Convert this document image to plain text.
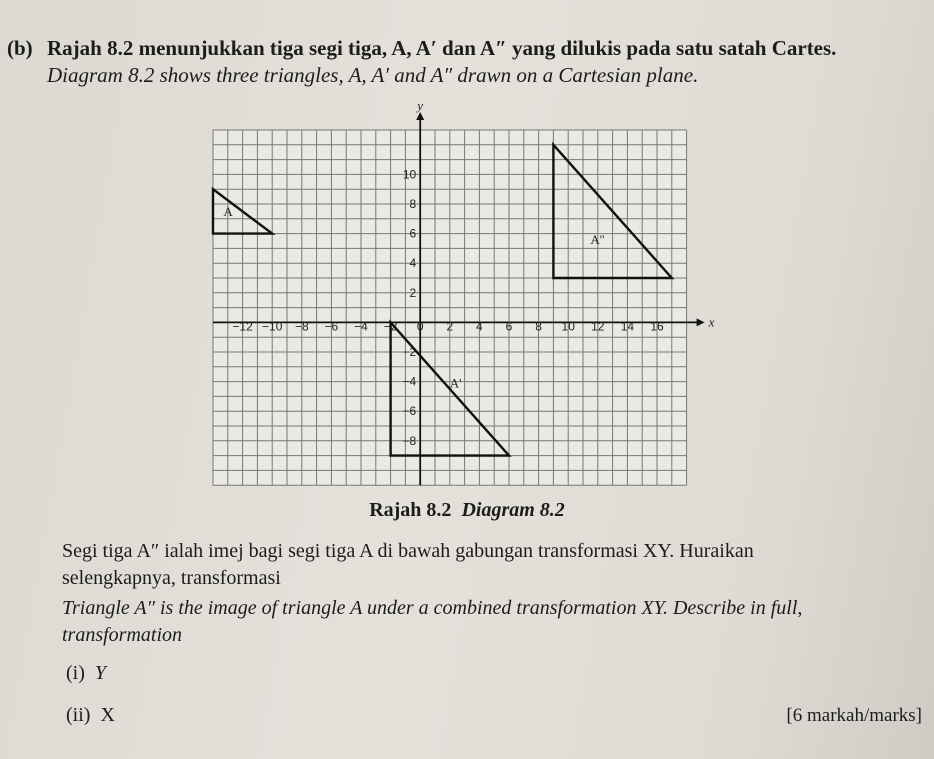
(b) Rajah 8.2 menunjukkan tiga segi tiga, A, A′ dan A″ yang dilukis pada satu satah Cartes.
Diagram 8.2 shows three triangles, A, A′ and A″ drawn on a Cartesian plane.
x
y
−12 −10 −8 −6 −4 −2 0 2 4 6 8 10 12 14 16
10
8
6
4
2
−2
−4
−6
−8
A
A'
A''
Rajah 8.2 Diagram 8.2
Segi tiga A″ ialah imej bagi segi tiga A di bawah gabungan transformasi XY. Huraikan
selengkapnya, transformasi
Triangle A″ is the image of triangle A under a combined transformation XY. Describe in full,
transformation
(i) Y
(ii) X	[6 markah/marks]
